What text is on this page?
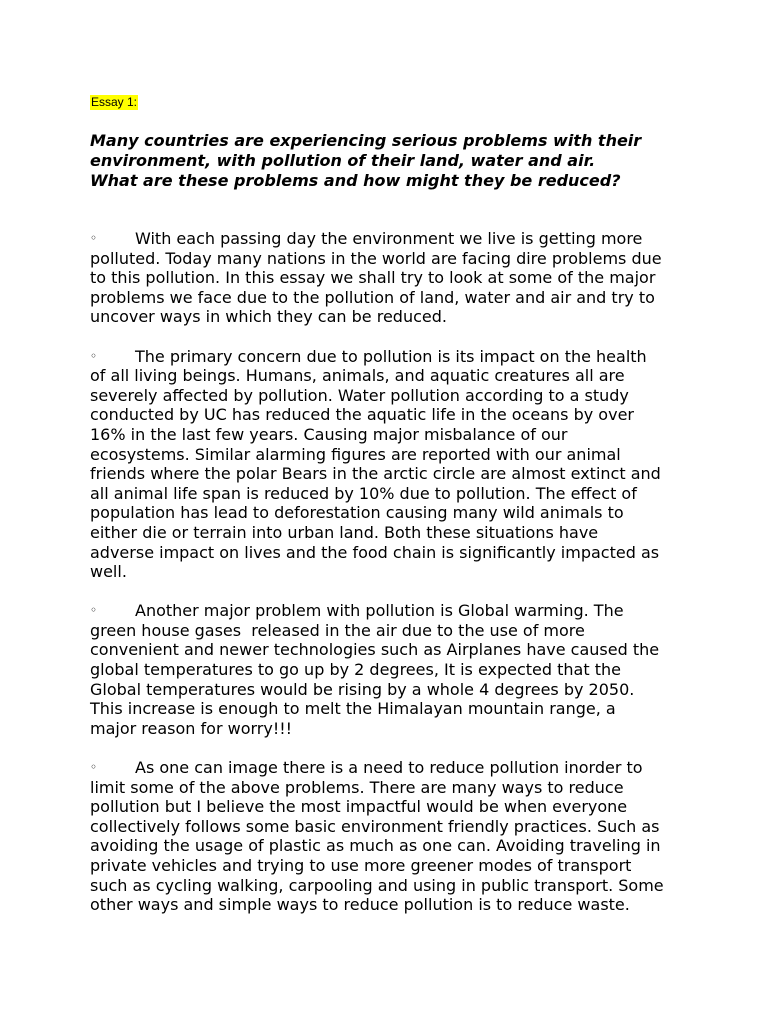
Essay 1:
Many countries are experiencing serious problems with their
environment, with pollution of their land, water and air.
What are these problems and how might they be reduced?
◦ With each passing day the environment we live is getting more
polluted. Today many nations in the world are facing dire problems due
to this pollution. In this essay we shall try to look at some of the major
problems we face due to the pollution of land, water and air and try to
uncover ways in which they can be reduced.
◦ The primary concern due to pollution is its impact on the health
of all living beings. Humans, animals, and aquatic creatures all are
severely affected by pollution. Water pollution according to a study
conducted by UC has reduced the aquatic life in the oceans by over
16% in the last few years. Causing major misbalance of our
ecosystems. Similar alarming figures are reported with our animal
friends where the polar Bears in the arctic circle are almost extinct and
all animal life span is reduced by 10% due to pollution. The effect of
population has lead to deforestation causing many wild animals to
either die or terrain into urban land. Both these situations have
adverse impact on lives and the food chain is significantly impacted as
well.
◦ Another major problem with pollution is Global warming. The
green house gases  released in the air due to the use of more
convenient and newer technologies such as Airplanes have caused the
global temperatures to go up by 2 degrees, It is expected that the
Global temperatures would be rising by a whole 4 degrees by 2050.
This increase is enough to melt the Himalayan mountain range, a
major reason for worry!!!
◦ As one can image there is a need to reduce pollution inorder to
limit some of the above problems. There are many ways to reduce
pollution but I believe the most impactful would be when everyone
collectively follows some basic environment friendly practices. Such as
avoiding the usage of plastic as much as one can. Avoiding traveling in
private vehicles and trying to use more greener modes of transport
such as cycling walking, carpooling and using in public transport. Some
other ways and simple ways to reduce pollution is to reduce waste.
